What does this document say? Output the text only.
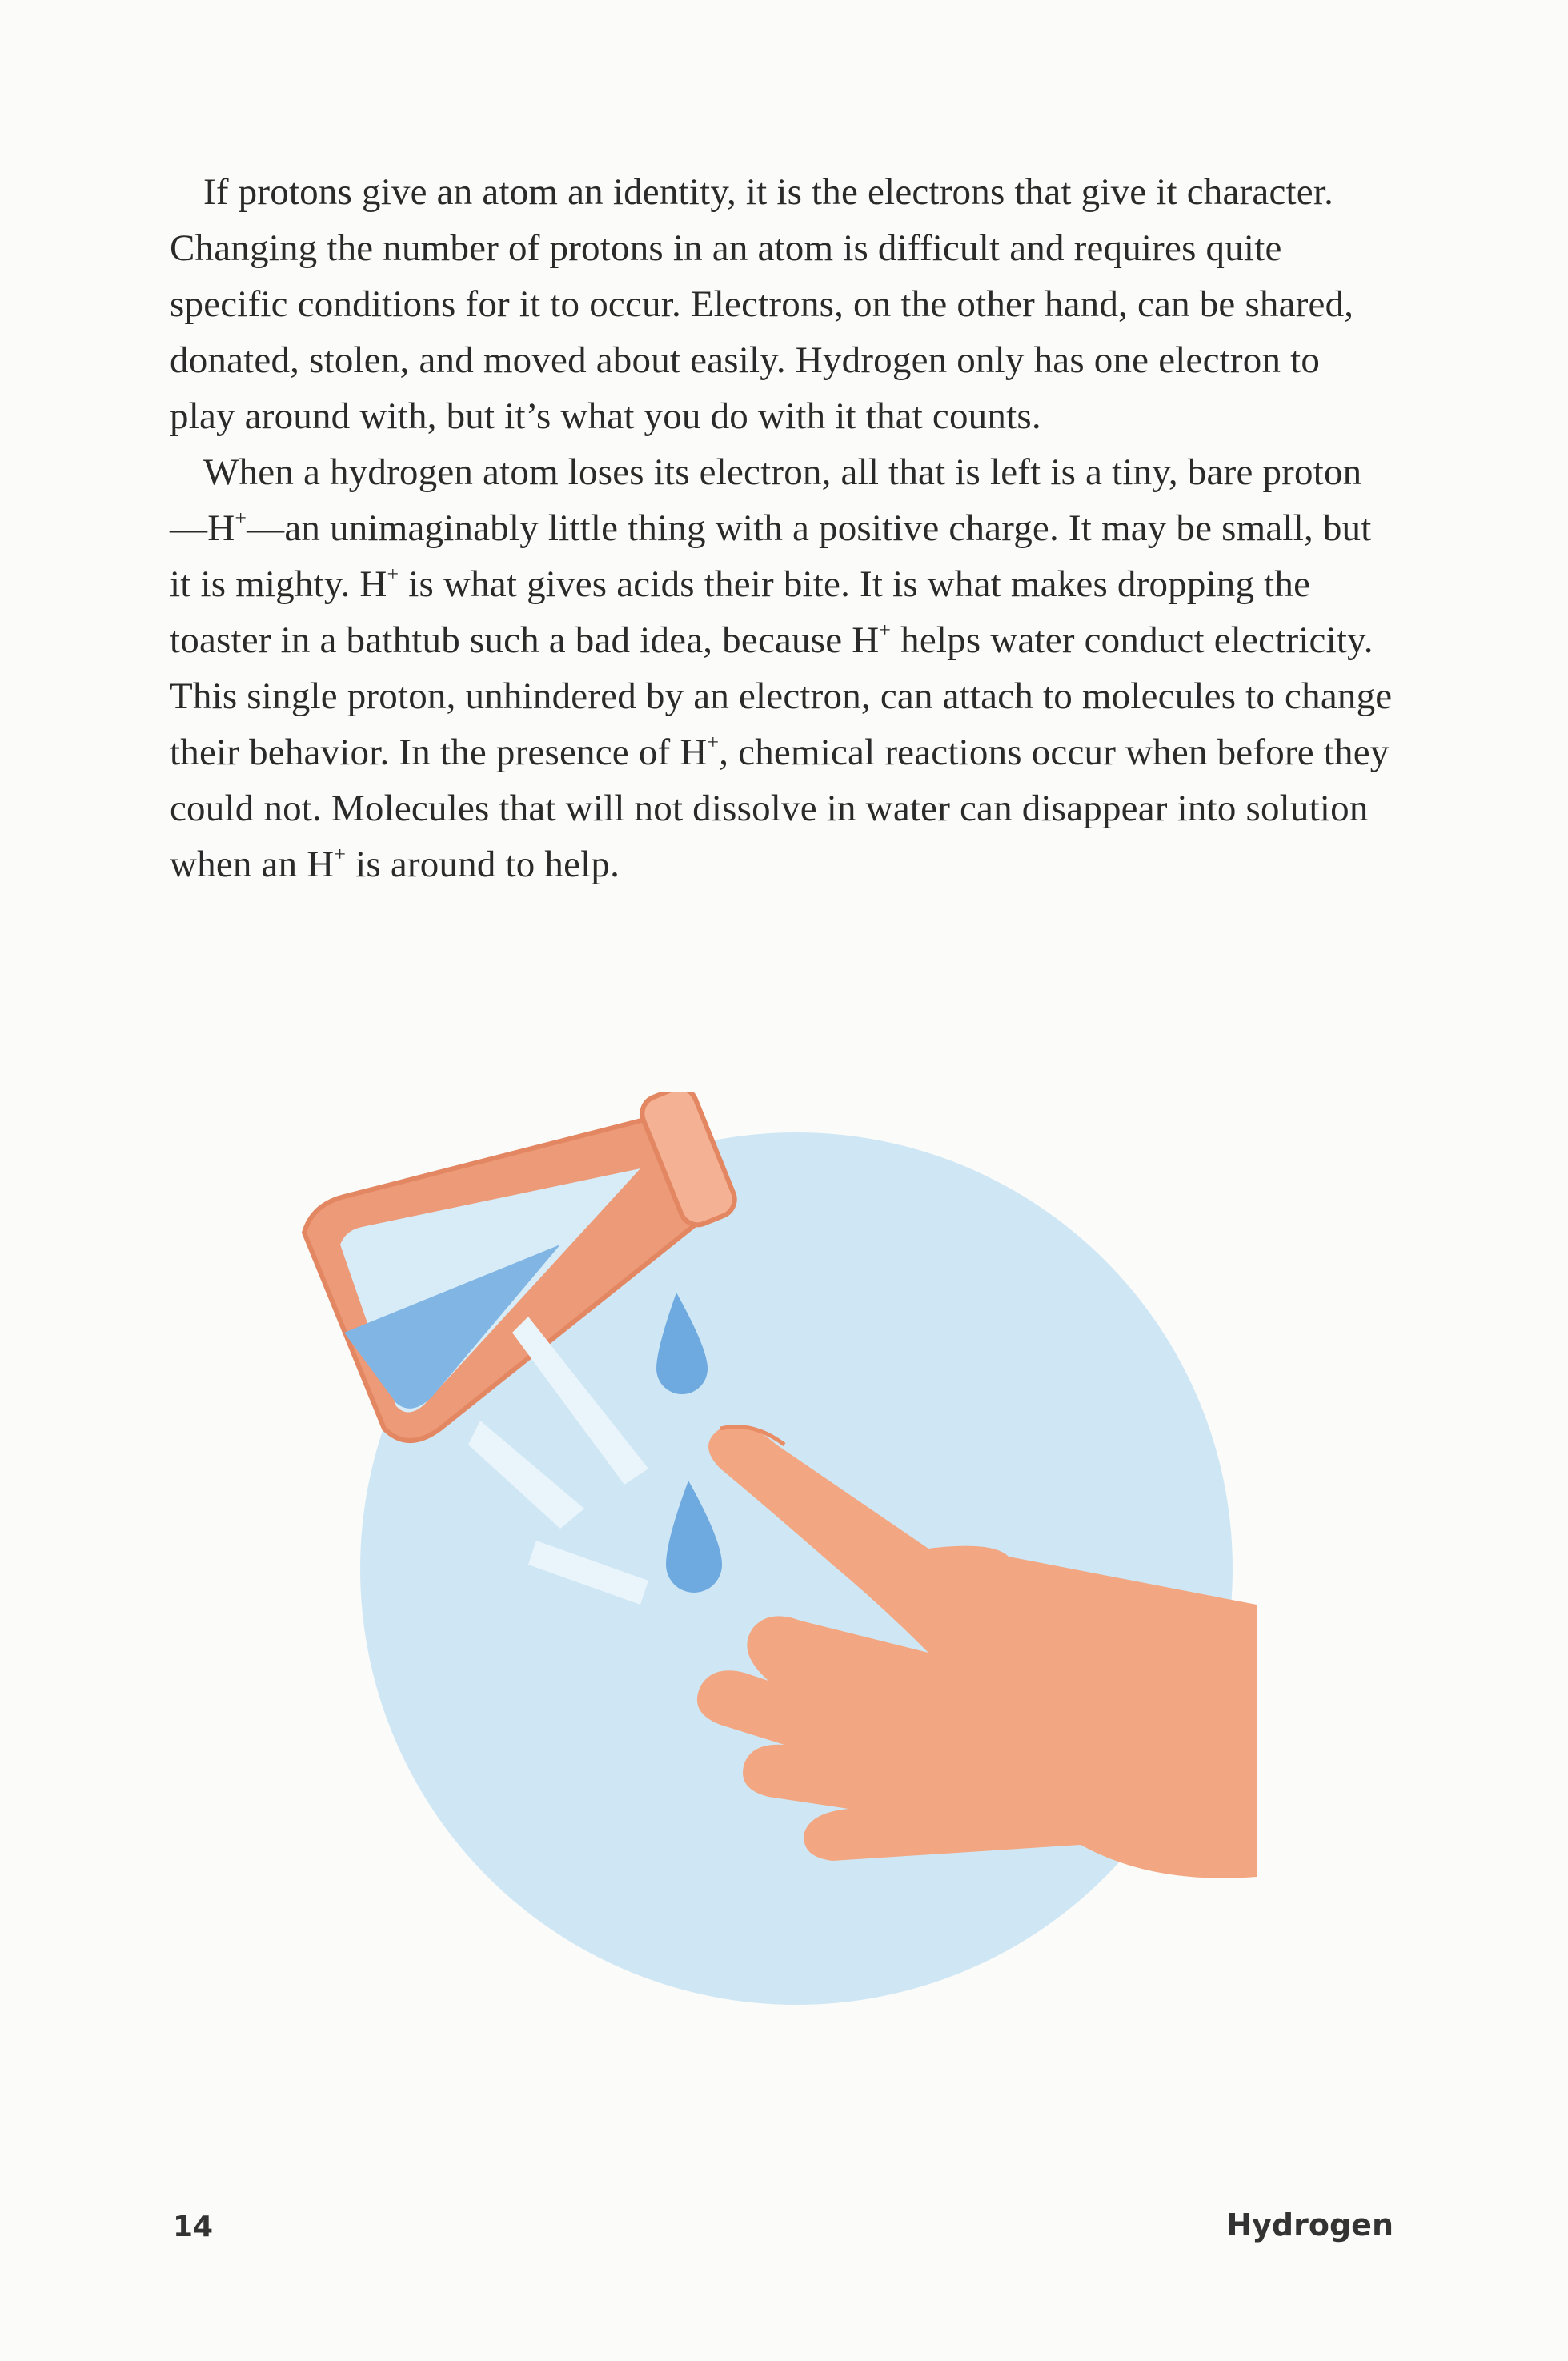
If protons give an atom an identity, it is the electrons that give it character. Changing the number of protons in an atom is difficult and requires quite specific conditions for it to occur. Electrons, on the other hand, can be shared, donated, stolen, and moved about easily. Hydrogen only has one electron to play around with, but it’s what you do with it that counts.

When a hydrogen atom loses its electron, all that is left is a tiny, bare proton—H+—an unimaginably little thing with a positive charge. It may be small, but it is mighty. H+ is what gives acids their bite. It is what makes dropping the toaster in a bathtub such a bad idea, because H+ helps water conduct electricity. This single proton, unhindered by an electron, can attach to molecules to change their behavior. In the presence of H+, chemical reactions occur when before they could not. Molecules that will not dissolve in water can disappear into solution when an H+ is around to help.

14	Hydrogen
